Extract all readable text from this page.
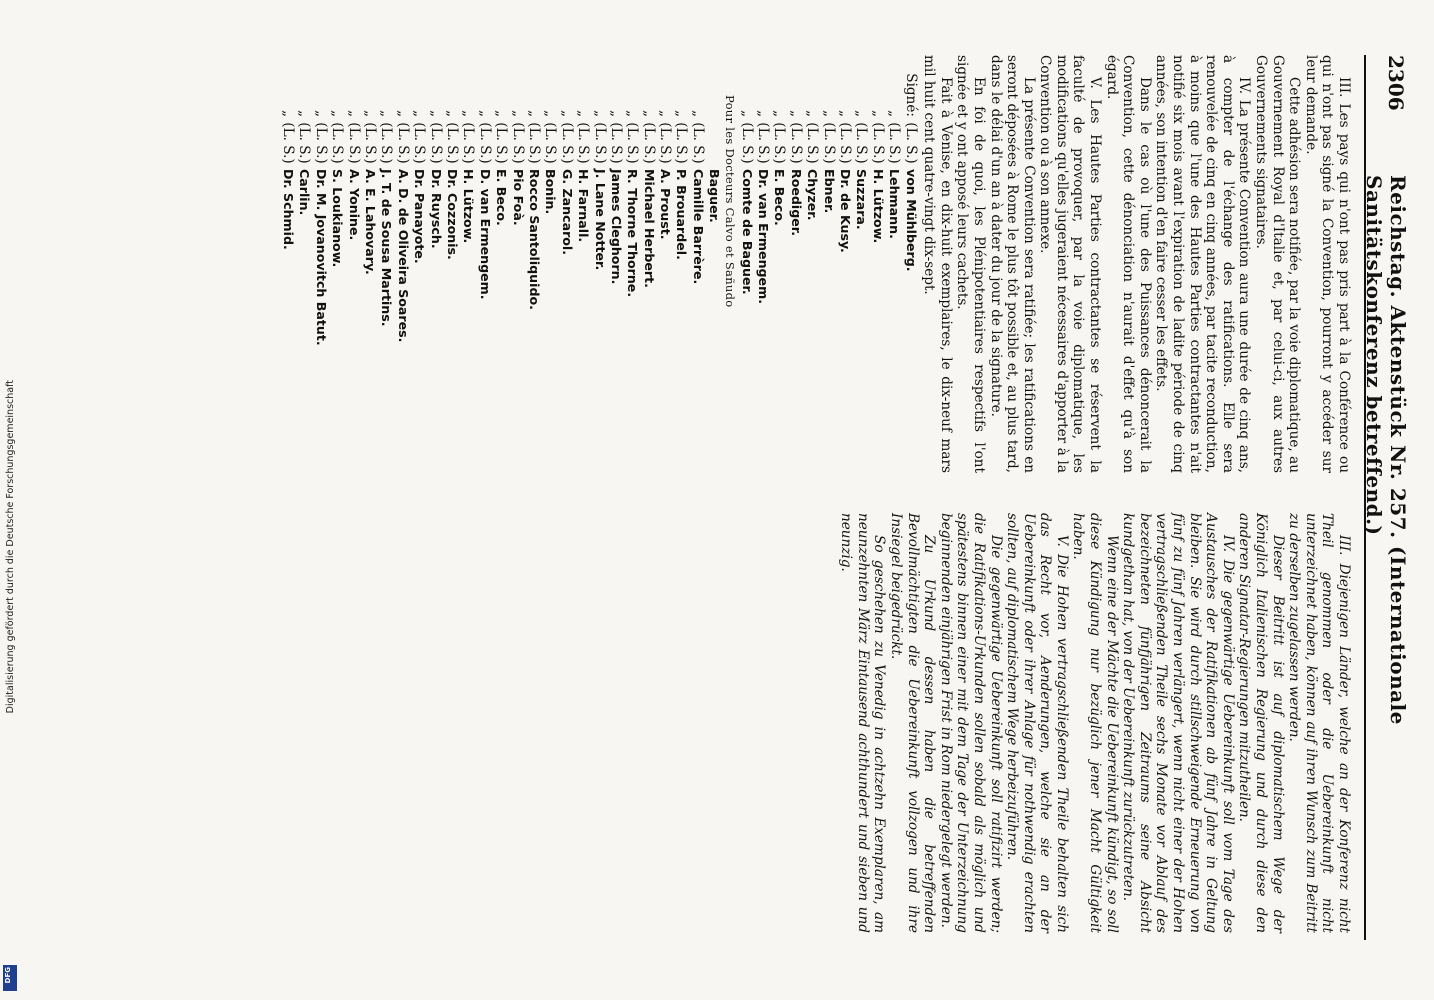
2306
Reichstag. Aktenstück Nr. 257. (Internationale Sanitätskonferenz betreffend.)

III. Les pays qui n'ont pas pris part à la Conférence ou qui n'ont pas signé la Convention, pourront y accéder sur leur demande.

Cette adhésion sera notifiée, par la voie diplomatique, au Gouvernement Royal d'Italie et, par celui-ci, aux autres Gouvernements signataires.

IV. La présente Convention aura une durée de cinq ans, à compter de l'échange des ratifications. Elle sera renouvelée de cinq en cinq années, par tacite reconduction, à moins que l'une des Hautes Parties contractantes n'ait notifié six mois avant l'expiration de ladite période de cinq années, son intention d'en faire cesser les effets.

Dans le cas où l'une des Puissances dénoncerait la Convention, cette dénonciation n'aurait d'effet qu'à son égard.

V. Les Hautes Parties contractantes se réservent la faculté de provoquer, par la voie diplomatique, les modifications qu'elles jugeraient nécessaires d'apporter à la Convention ou à son annexe.

La présente Convention sera ratifiée; les ratifications en seront déposées à Rome le plus tôt possible et, au plus tard, dans le délai d'un an à dater du jour de la signature.

En foi de quoi, les Plénipotentiaires respectifs l'ont signée et y ont apposé leurs cachets.

Fait à Venise, en dix-huit exemplaires, le dix-neuf mars mil huit cent quatre-vingt dix-sept.

Signé:(L. S.)von Mühlberg.
„(L. S.)Lehmann.
„(L. S.)H. Lützow.
„(L. S.)Suzzara.
„(L. S.)Dr. de Kusy.
„(L. S.)Ebner.
„(L. S.)Chyzer.
„(L. S.)Roediger.
„(L. S.)E. Beco.
„(L. S.)Dr. van Ermengem.
„(L. S.)Comte de Baguer.
Pour les Docteurs Calvo et Sañudo
Baguer.
„(L. S.)Camille Barrère.
„(L. S.)P. Brouardel.
„(L. S.)A. Proust.
„(L. S.)Michael Herbert.
„(L. S.)R. Thorne Thorne.
„(L. S.)James Cleghorn.
„(L. S.)J. Lane Notter.
„(L. S.)H. Farnall.
„(L. S.)G. Zancarol.
„(L. S.)Bonin.
„(L. S.)Rocco Santoliquido.
„(L. S.)Pio Foà.
„(L. S.)E. Beco.
„(L. S.)D. van Ermengem.
„(L. S.)H. Lützow.
„(L. S.)Dr. Cozzonis.
„(L. S.)Dr. Ruysch.
„(L. S.)Dr. Panayote.
„(L. S.)A. D. de Oliveira Soares.
„(L. S.)J. T. de Sousa Martins.
„(L. S.)A. E. Lahovary.
„(L. S.)A. Yonine.
„(L. S.)S. Loukianow.
„(L. S.)Dr. M. Jovanovitch Batut.
„(L. S.)Carlin.
„(L. S.)Dr. Schmid.

III. Diejenigen Länder, welche an der Konferenz nicht Theil genommen oder die Uebereinkunft nicht unterzeichnet haben, können auf ihren Wunsch zum Beitritt zu derselben zugelassen werden.

Dieser Beitritt ist auf diplomatischem Wege der Königlich Italienischen Regierung und durch diese den anderen Signatar-Regierungen mitzutheilen.

IV. Die gegenwärtige Uebereinkunft soll vom Tage des Austausches der Ratifikationen ab fünf Jahre in Geltung bleiben. Sie wird durch stillschweigende Erneuerung von fünf zu fünf Jahren verlängert, wenn nicht einer der Hohen vertragschließenden Theile sechs Monate vor Ablauf des bezeichneten fünfjährigen Zeitraums seine Absicht kundgethan hat, von der Uebereinkunft zurückzutreten.

Wenn eine der Mächte die Uebereinkunft kündigt, so soll diese Kündigung nur bezüglich jener Macht Gültigkeit haben.

V. Die Hohen vertragschließenden Theile behalten sich das Recht vor, Aenderungen, welche sie an der Uebereinkunft oder ihrer Anlage für nothwendig erachten sollten, auf diplomatischem Wege herbeizuführen.

Die gegenwärtige Uebereinkunft soll ratifizirt werden; die Ratifikations-Urkunden sollen sobald als möglich und spätestens binnen einer mit dem Tage der Unterzeichnung beginnenden einjährigen Frist in Rom niedergelegt werden.

Zu Urkund dessen haben die betreffenden Bevollmächtigten die Uebereinkunft vollzogen und ihre Insiegel beigedrückt.

So geschehen zu Venedig in achtzehn Exemplaren, am neunzehnten März Eintausend achthundert und sieben und neunzig.

Digitalisierung gefördert durch die Deutsche Forschungsgemeinschaft
DFG
